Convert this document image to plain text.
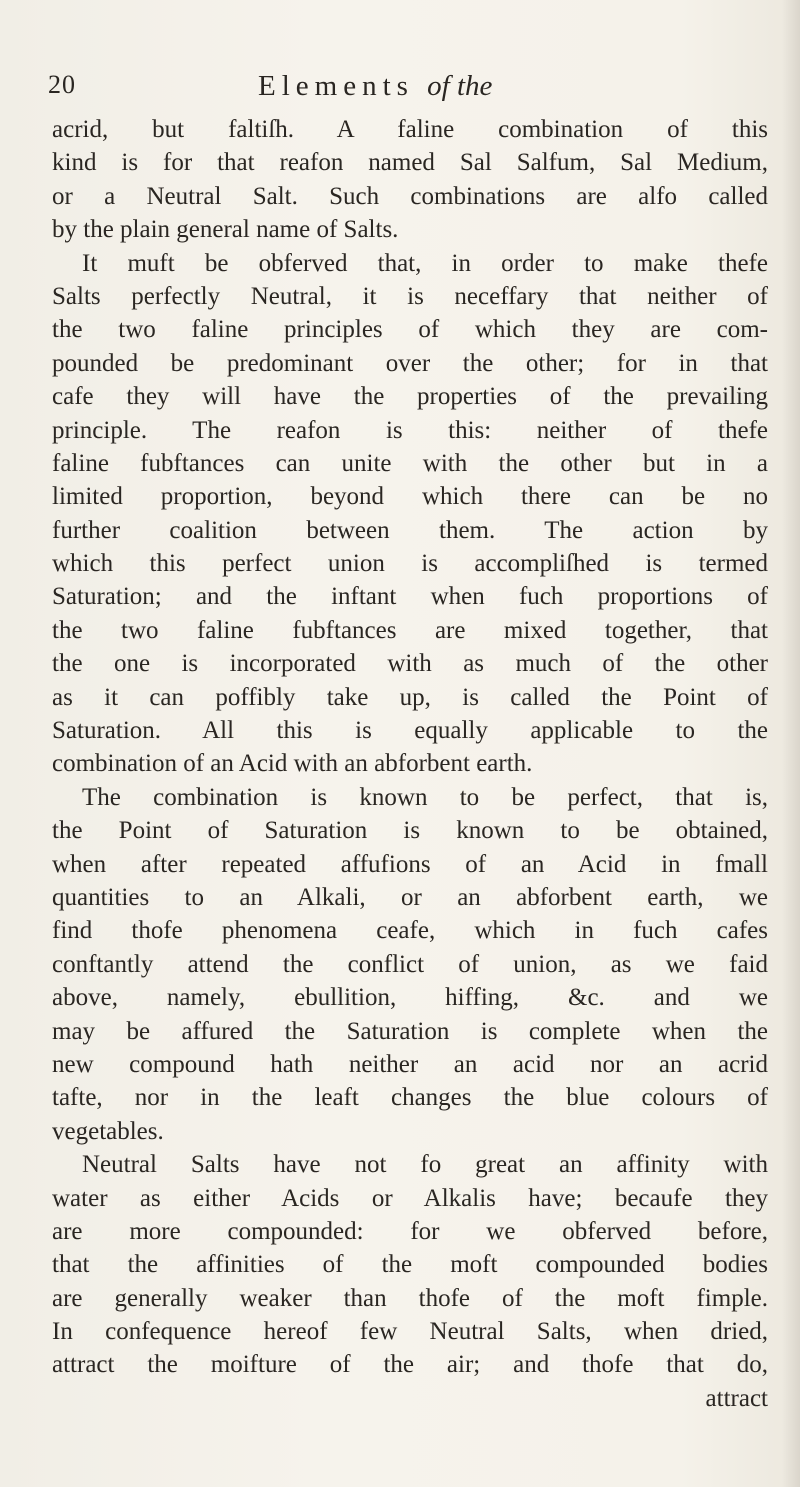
20	Elements of the
acrid, but faltiſh. A faline combination of this
kind is for that reafon named Sal Salfum, Sal Medium,
or a Neutral Salt. Such combinations are alfo called
by the plain general name of Salts.
It muft be obferved that, in order to make thefe
Salts perfectly Neutral, it is neceffary that neither of
the two faline principles of which they are com-
pounded be predominant over the other; for in that
cafe they will have the properties of the prevailing
principle. The reafon is this: neither of thefe
faline fubftances can unite with the other but in a
limited proportion, beyond which there can be no
further coalition between them. The action by
which this perfect union is accompliſhed is termed
Saturation; and the inftant when fuch proportions of
the two faline fubftances are mixed together, that
the one is incorporated with as much of the other
as it can poffibly take up, is called the Point of
Saturation. All this is equally applicable to the
combination of an Acid with an abforbent earth.
The combination is known to be perfect, that is,
the Point of Saturation is known to be obtained,
when after repeated affufions of an Acid in fmall
quantities to an Alkali, or an abforbent earth, we
find thofe phenomena ceafe, which in fuch cafes
conftantly attend the conflict of union, as we faid
above, namely, ebullition, hiffing, &c. and we
may be affured the Saturation is complete when the
new compound hath neither an acid nor an acrid
tafte, nor in the leaft changes the blue colours of
vegetables.
Neutral Salts have not fo great an affinity with
water as either Acids or Alkalis have; becaufe they
are more compounded: for we obferved before,
that the affinities of the moft compounded bodies
are generally weaker than thofe of the moft fimple.
In confequence hereof few Neutral Salts, when dried,
attract the moifture of the air; and thofe that do,
attract
